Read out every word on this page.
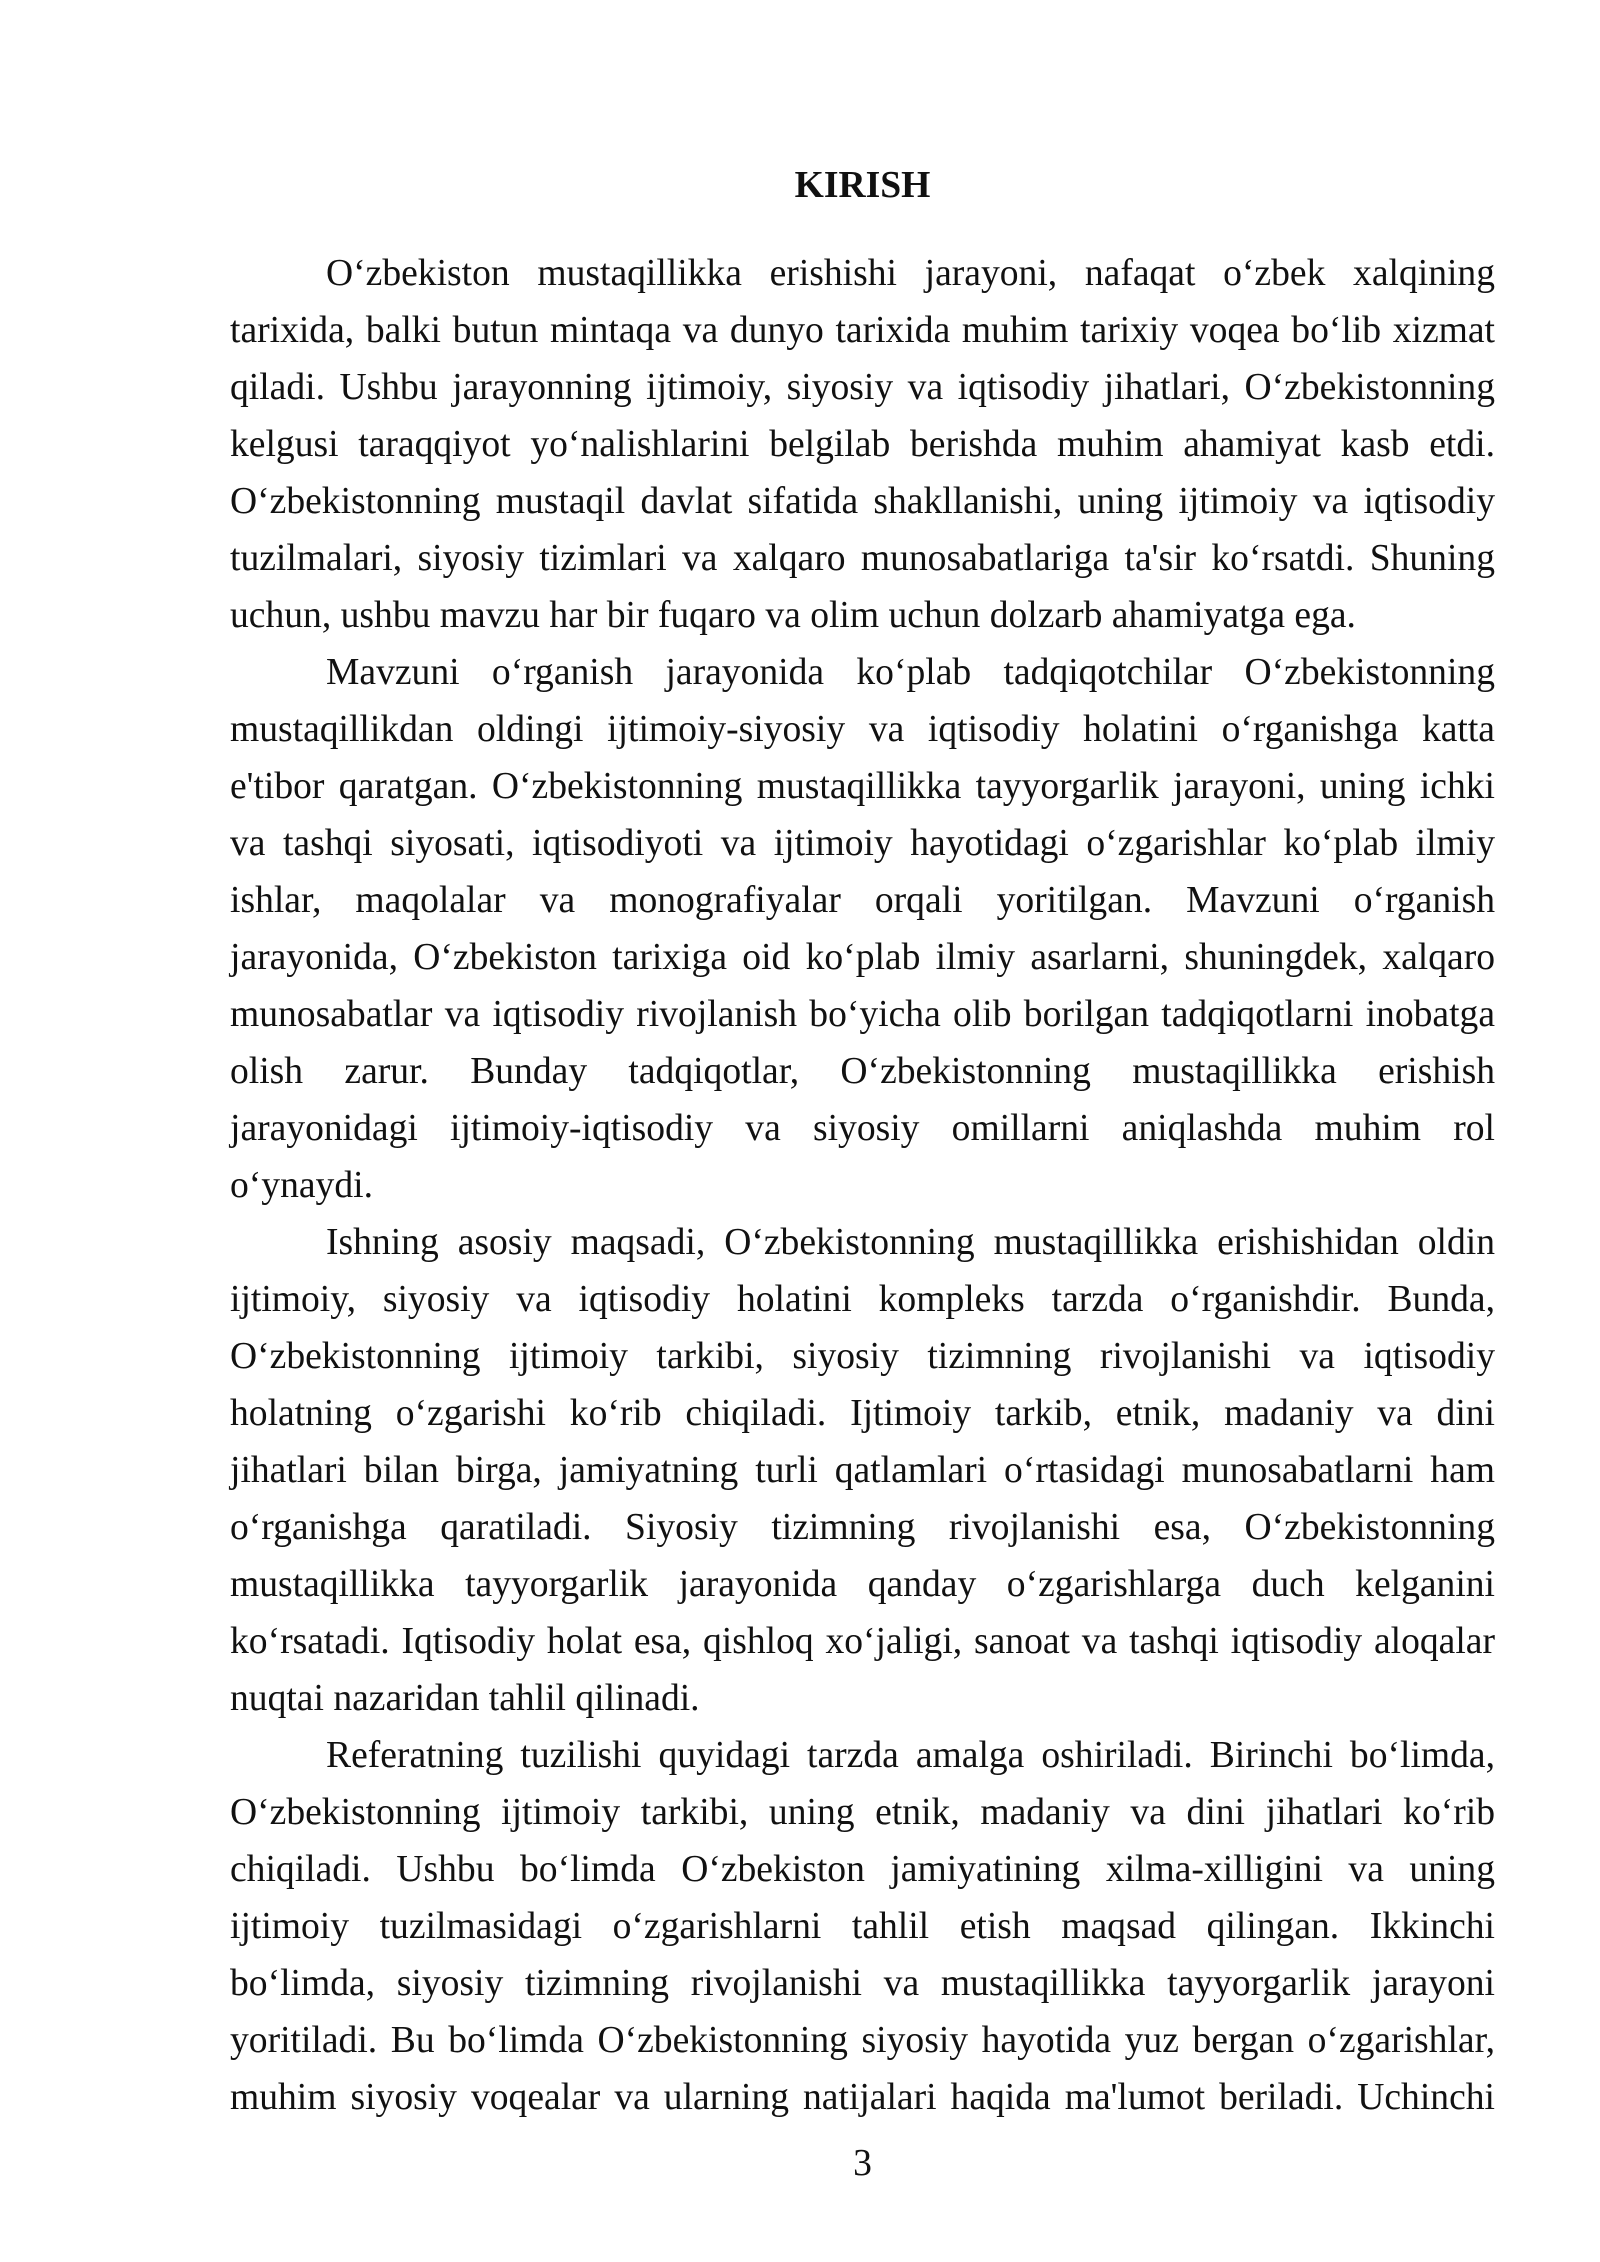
KIRISH
O‘zbekiston mustaqillikka erishishi jarayoni, nafaqat o‘zbek xalqining
tarixida, balki butun mintaqa va dunyo tarixida muhim tarixiy voqea bo‘lib xizmat
qiladi. Ushbu jarayonning ijtimoiy, siyosiy va iqtisodiy jihatlari, O‘zbekistonning
kelgusi taraqqiyot yo‘nalishlarini belgilab berishda muhim ahamiyat kasb etdi.
O‘zbekistonning mustaqil davlat sifatida shakllanishi, uning ijtimoiy va iqtisodiy
tuzilmalari, siyosiy tizimlari va xalqaro munosabatlariga ta'sir ko‘rsatdi. Shuning
uchun, ushbu mavzu har bir fuqaro va olim uchun dolzarb ahamiyatga ega.
Mavzuni o‘rganish jarayonida ko‘plab tadqiqotchilar O‘zbekistonning
mustaqillikdan oldingi ijtimoiy-siyosiy va iqtisodiy holatini o‘rganishga katta
e'tibor qaratgan. O‘zbekistonning mustaqillikka tayyorgarlik jarayoni, uning ichki
va tashqi siyosati, iqtisodiyoti va ijtimoiy hayotidagi o‘zgarishlar ko‘plab ilmiy
ishlar, maqolalar va monografiyalar orqali yoritilgan. Mavzuni o‘rganish
jarayonida, O‘zbekiston tarixiga oid ko‘plab ilmiy asarlarni, shuningdek, xalqaro
munosabatlar va iqtisodiy rivojlanish bo‘yicha olib borilgan tadqiqotlarni inobatga
olish zarur. Bunday tadqiqotlar, O‘zbekistonning mustaqillikka erishish
jarayonidagi ijtimoiy-iqtisodiy va siyosiy omillarni aniqlashda muhim rol
o‘ynaydi.
Ishning asosiy maqsadi, O‘zbekistonning mustaqillikka erishishidan oldin
ijtimoiy, siyosiy va iqtisodiy holatini kompleks tarzda o‘rganishdir. Bunda,
O‘zbekistonning ijtimoiy tarkibi, siyosiy tizimning rivojlanishi va iqtisodiy
holatning o‘zgarishi ko‘rib chiqiladi. Ijtimoiy tarkib, etnik, madaniy va dini
jihatlari bilan birga, jamiyatning turli qatlamlari o‘rtasidagi munosabatlarni ham
o‘rganishga qaratiladi. Siyosiy tizimning rivojlanishi esa, O‘zbekistonning
mustaqillikka tayyorgarlik jarayonida qanday o‘zgarishlarga duch kelganini
ko‘rsatadi. Iqtisodiy holat esa, qishloq xo‘jaligi, sanoat va tashqi iqtisodiy aloqalar
nuqtai nazaridan tahlil qilinadi.
Referatning tuzilishi quyidagi tarzda amalga oshiriladi. Birinchi bo‘limda,
O‘zbekistonning ijtimoiy tarkibi, uning etnik, madaniy va dini jihatlari ko‘rib
chiqiladi. Ushbu bo‘limda O‘zbekiston jamiyatining xilma-xilligini va uning
ijtimoiy tuzilmasidagi o‘zgarishlarni tahlil etish maqsad qilingan. Ikkinchi
bo‘limda, siyosiy tizimning rivojlanishi va mustaqillikka tayyorgarlik jarayoni
yoritiladi. Bu bo‘limda O‘zbekistonning siyosiy hayotida yuz bergan o‘zgarishlar,
muhim siyosiy voqealar va ularning natijalari haqida ma'lumot beriladi. Uchinchi
3
